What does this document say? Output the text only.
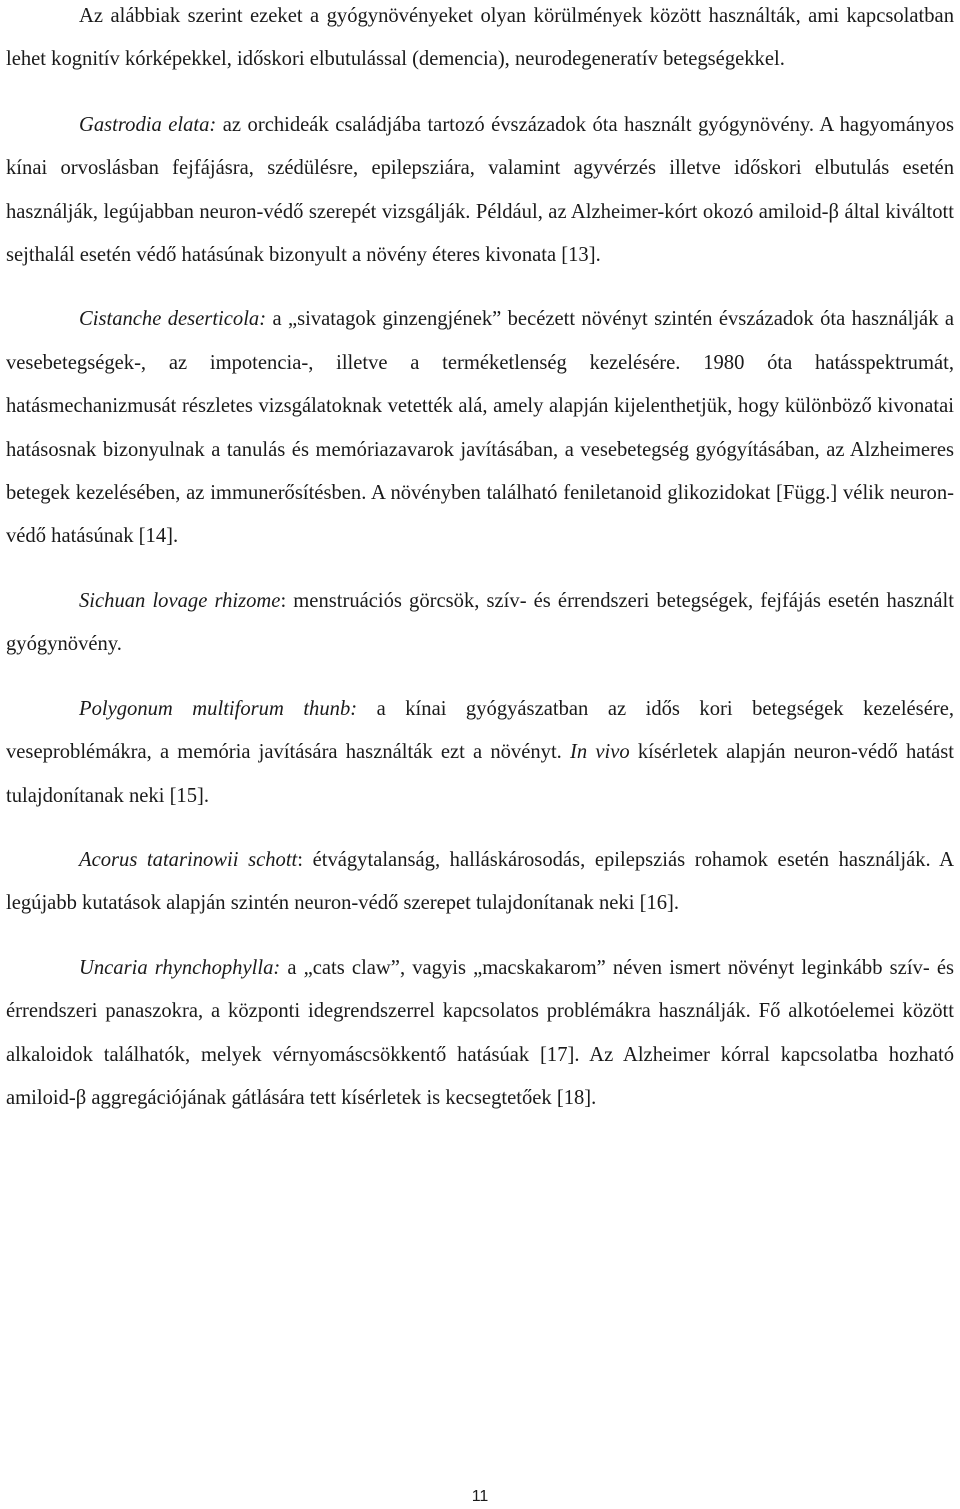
Az alábbiak szerint ezeket a gyógynövényeket olyan körülmények között használták, ami kapcsolatban lehet kognitív kórképekkel, időskori elbutulással (demencia), neurodegeneratív betegségekkel.

Gastrodia elata: az orchideák családjába tartozó évszázadok óta használt gyógynövény. A hagyományos kínai orvoslásban fejfájásra, szédülésre, epilepsziára, valamint agyvérzés illetve időskori elbutulás esetén használják, legújabban neuron-védő szerepét vizsgálják. Például, az Alzheimer-kórt okozó amiloid-β által kiváltott sejthalál esetén védő hatásúnak bizonyult a növény éteres kivonata [13].

Cistanche deserticola: a „sivatagok ginzengjének” becézett növényt szintén évszázadok óta használják a vesebetegségek-, az impotencia-, illetve a terméketlenség kezelésére. 1980 óta hatásspektrumát, hatásmechanizmusát részletes vizsgálatoknak vetették alá, amely alapján kijelenthetjük, hogy különböző kivonatai hatásosnak bizonyulnak a tanulás és memóriazavarok javításában, a vesebetegség gyógyításában, az Alzheimeres betegek kezelésében, az immunerősítésben. A növényben található feniletanoid glikozidokat [Függ.] vélik neuron-védő hatásúnak [14].

Sichuan lovage rhizome: menstruációs görcsök, szív- és érrendszeri betegségek, fejfájás esetén használt gyógynövény.

Polygonum multiforum thunb: a kínai gyógyászatban az idős kori betegségek kezelésére, veseproblémákra, a memória javítására használták ezt a növényt. In vivo kísérletek alapján neuron-védő hatást tulajdonítanak neki [15].

Acorus tatarinowii schott: étvágytalanság, halláskárosodás, epilepsziás rohamok esetén használják. A legújabb kutatások alapján szintén neuron-védő szerepet tulajdonítanak neki [16].

Uncaria rhynchophylla: a „cats claw”, vagyis „macskakarom” néven ismert növényt leginkább szív- és érrendszeri panaszokra, a központi idegrendszerrel kapcsolatos problémákra használják. Fő alkotóelemei között alkaloidok találhatók, melyek vérnyomáscsökkentő hatásúak [17]. Az Alzheimer kórral kapcsolatba hozható amiloid-β aggregációjának gátlására tett kísérletek is kecsegtetőek [18].

11
